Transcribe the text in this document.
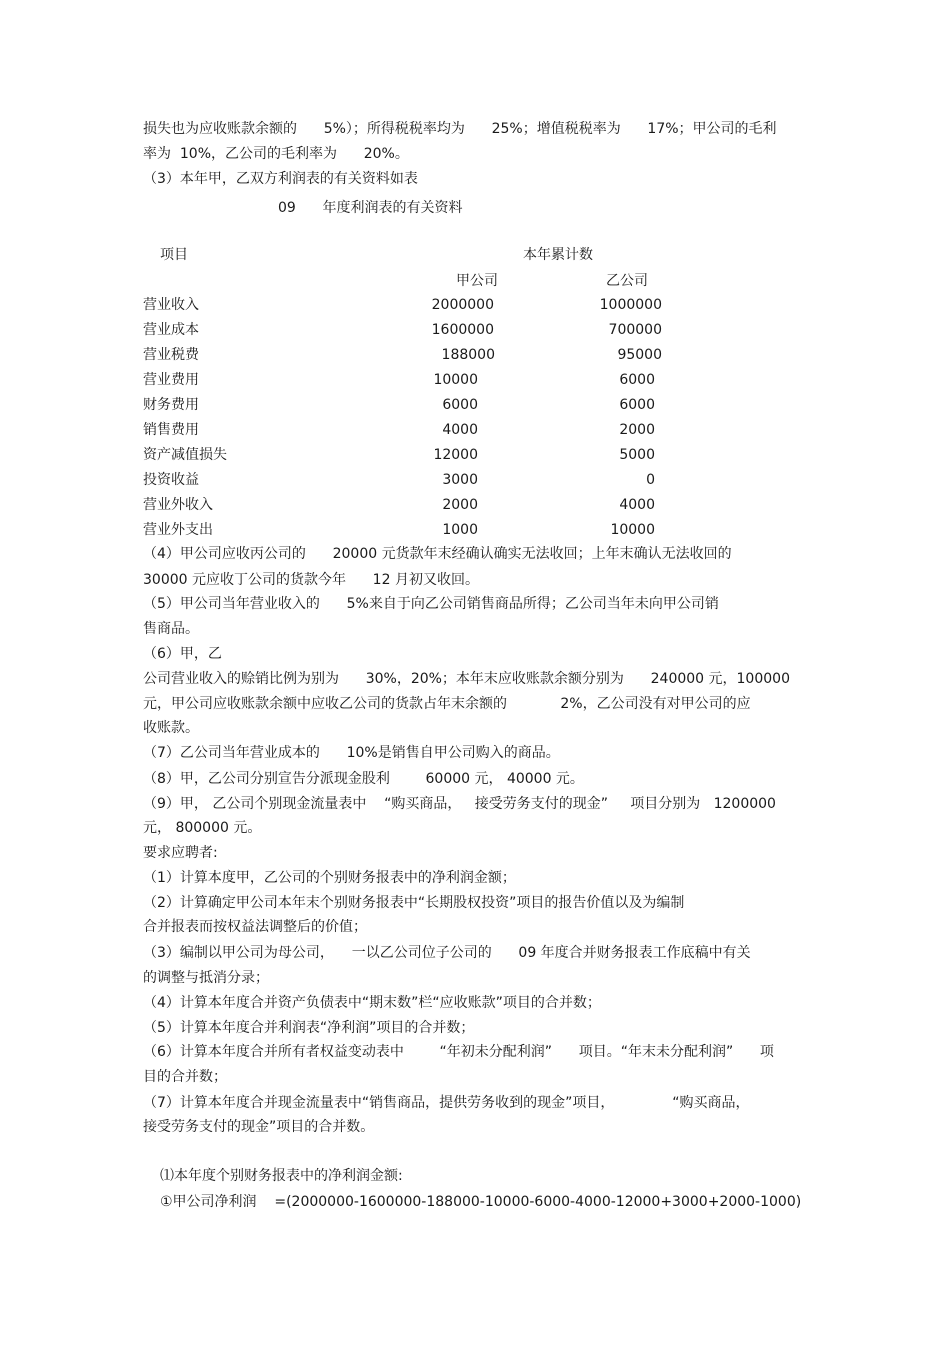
损失也为应收账款余额的      5%）；所得税税率均为      25%；增值税税率为      17%；甲公司的毛利
率为  10%，乙公司的毛利率为      20%。
（3）本年甲，乙双方利润表的有关资料如表
09      年度利润表的有关资料
项目	本年累计数
甲公司	乙公司
营业收入	2000000	1000000
营业成本	1600000	700000
营业税费	188000	95000
营业费用	10000	6000
财务费用	6000	6000
销售费用	4000	2000
资产减值损失	12000	5000
投资收益	3000	0
营业外收入	2000	4000
营业外支出	1000	10000
（4）甲公司应收丙公司的      20000 元货款年末经确认确实无法收回；上年末确认无法收回的
30000 元应收丁公司的货款今年      12 月初又收回。
（5）甲公司当年营业收入的      5%来自于向乙公司销售商品所得；乙公司当年未向甲公司销
售商品。
（6）甲，乙
公司营业收入的赊销比例为别为      30%，20%；本年末应收账款余额分别为      240000 元，100000
元，甲公司应收账款余额中应收乙公司的货款占年末余额的            2%，乙公司没有对甲公司的应
收账款。
（7）乙公司当年营业成本的      10%是销售自甲公司购入的商品。
（8）甲，乙公司分别宣告分派现金股利        60000 元， 40000 元。
（9）甲， 乙公司个别现金流量表中    “购买商品，   接受劳务支付的现金”     项目分别为   1200000
元， 800000 元。
要求应聘者:
（1）计算本度甲，乙公司的个别财务报表中的净利润金额；
（2）计算确定甲公司本年末个别财务报表中“长期股权投资”项目的报告价值以及为编制
合并报表而按权益法调整后的价值；
（3）编制以甲公司为母公司，    一以乙公司位子公司的      09 年度合并财务报表工作底稿中有关
的调整与抵消分录；
（4）计算本年度合并资产负债表中“期末数”栏“应收账款”项目的合并数；
（5）计算本年度合并利润表“净利润”项目的合并数；
（6）计算本年度合并所有者权益变动表中        “年初未分配利润”      项目。“年末未分配利润”      项
目的合并数；
（7）计算本年度合并现金流量表中“销售商品，提供劳务收到的现金”项目，             “购买商品，
接受劳务支付的现金”项目的合并数。
⑴本年度个别财务报表中的净利润金额:
①甲公司净利润    =(2000000-1600000-188000-10000-6000-4000-12000+3000+2000-1000)
